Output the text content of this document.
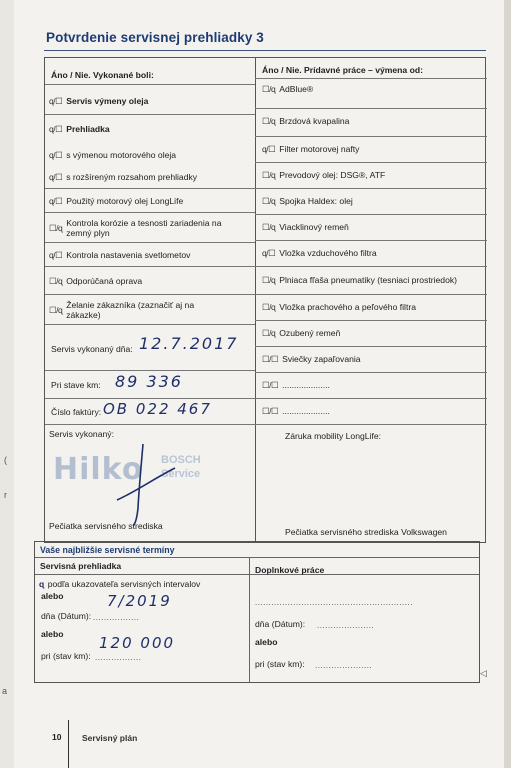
(
r
a
Potvrdenie servisnej prehliadky 3
Áno / Nie. Vykonané boli:	Áno / Nie. Prídavné práce – výmena od:
ɋ/☐ Servis výmeny oleja
ɋ/☐ Prehliadka
ɋ/☐ s výmenou motorového oleja
ɋ/☐ s rozšíreným rozsahom prehliadky
ɋ/☐ Použitý motorový olej LongLife
☐/ɋ Kontrola korózie a tesnosti zariadenia na zemný plyn
ɋ/☐ Kontrola nastavenia svetlometov
☐/ɋ Odporúčaná oprava
☐/ɋ Želanie zákazníka (zaznačiť aj na zákazke)
Servis vykonaný dňa: 12.7.2017
Pri stave km: 89 336
Číslo faktúry: OB 022 467
Servis vykonaný:
Hilko BOSCH
Service
Pečiatka servisného strediska
☐/ɋ AdBlue®
☐/ɋ Brzdová kvapalina
ɋ/☐ Filter motorovej nafty
☐/ɋ Prevodový olej: DSG®, ATF
☐/ɋ Spojka Haldex: olej
☐/ɋ Viacklinový remeň
ɋ/☐ Vložka vzduchového filtra
☐/ɋ Plniaca fľaša pneumatiky (tesniaci prostriedok)
☐/ɋ Vložka prachového a peľového filtra
☐/ɋ Ozubený remeň
☐/☐ Sviečky zapaľovania
☐/☐ ....................
☐/☐ ....................
Záruka mobility LongLife:
Pečiatka servisného strediska Volkswagen
Vaše najbližšie servisné termíny
Servisná prehliadka	Doplnkové práce
ɋ podľa ukazovateľa servisných intervalov
alebo
dňa (Dátum): .................
7/2019
alebo
pri (stav km): .................
120 000
..........................................................
dňa (Dátum): .....................
alebo
pri (stav km): .....................
◁
10 Servisný plán
